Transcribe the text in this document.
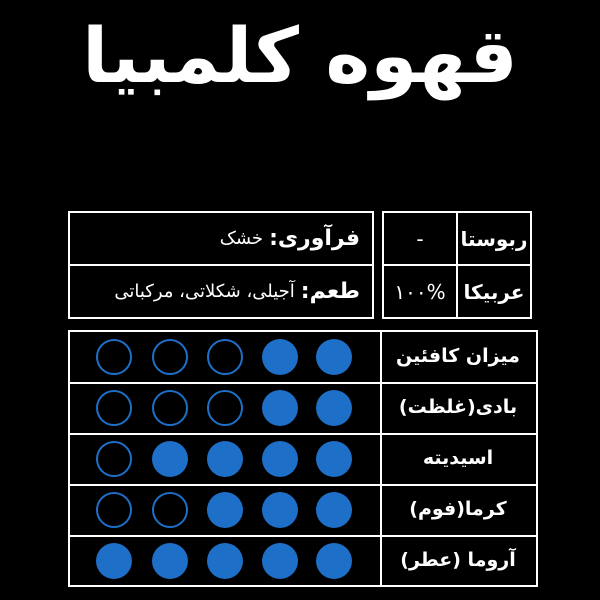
قهوه کلمبیا
فرآوری:
خشک
طعم:
آجیلی، شکلاتی، مرکباتی
ربوستا
-
عربیکا
۱۰۰%
میزان کافئین
بادی(غلظت)
اسیدیته
کرما(فوم)
آروما (عطر)
